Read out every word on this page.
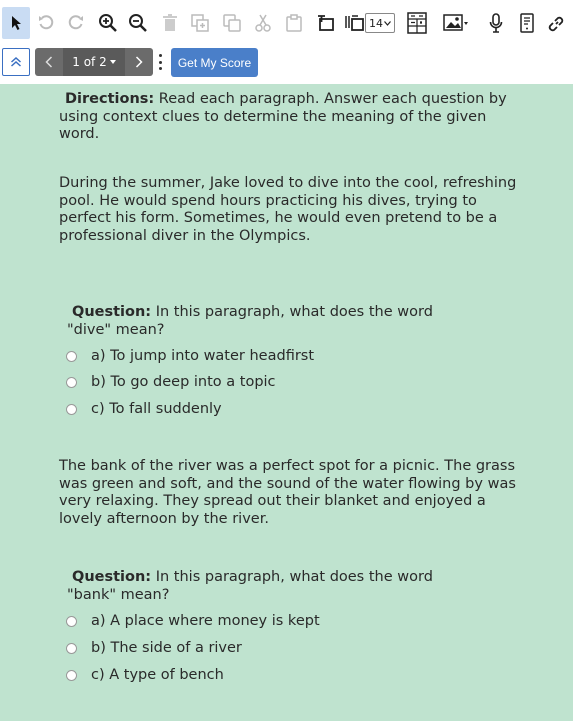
14
1 of 2	Get My Score

Directions: Read each paragraph. Answer each question by using context clues to determine the meaning of the given word.

During the summer, Jake loved to dive into the cool, refreshing pool. He would spend hours practicing his dives, trying to perfect his form. Sometimes, he would even pretend to be a professional diver in the Olympics.

Question: In this paragraph, what does the word "dive" mean?
a) To jump into water headfirst
b) To go deep into a topic
c) To fall suddenly

The bank of the river was a perfect spot for a picnic. The grass was green and soft, and the sound of the water flowing by was very relaxing. They spread out their blanket and enjoyed a lovely afternoon by the river.

Question: In this paragraph, what does the word "bank" mean?
a) A place where money is kept
b) The side of a river
c) A type of bench
